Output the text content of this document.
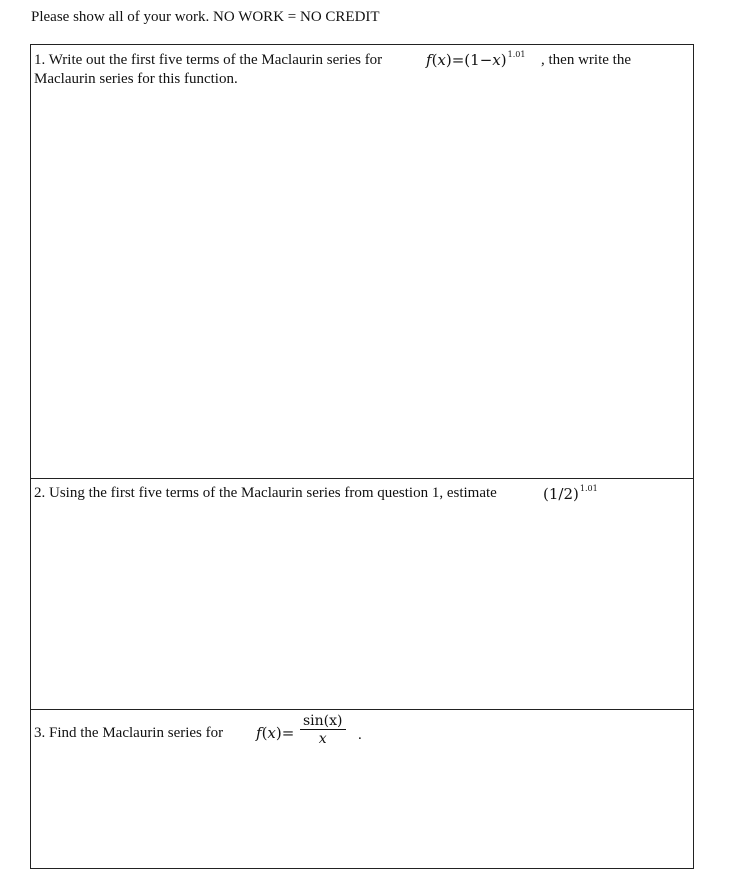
Please show all of your work. NO WORK = NO CREDIT
1. Write out the first five terms of the Maclaurin series for	$f(x)=(1-x)^{1.01}$ , then write the
Maclaurin series for this function.
2. Using the first five terms of the Maclaurin series from question 1, estimate	$(1/2)^{1.01}$
3. Find the Maclaurin series for $f(x)= \frac{\sin(x)}{x}$ .
